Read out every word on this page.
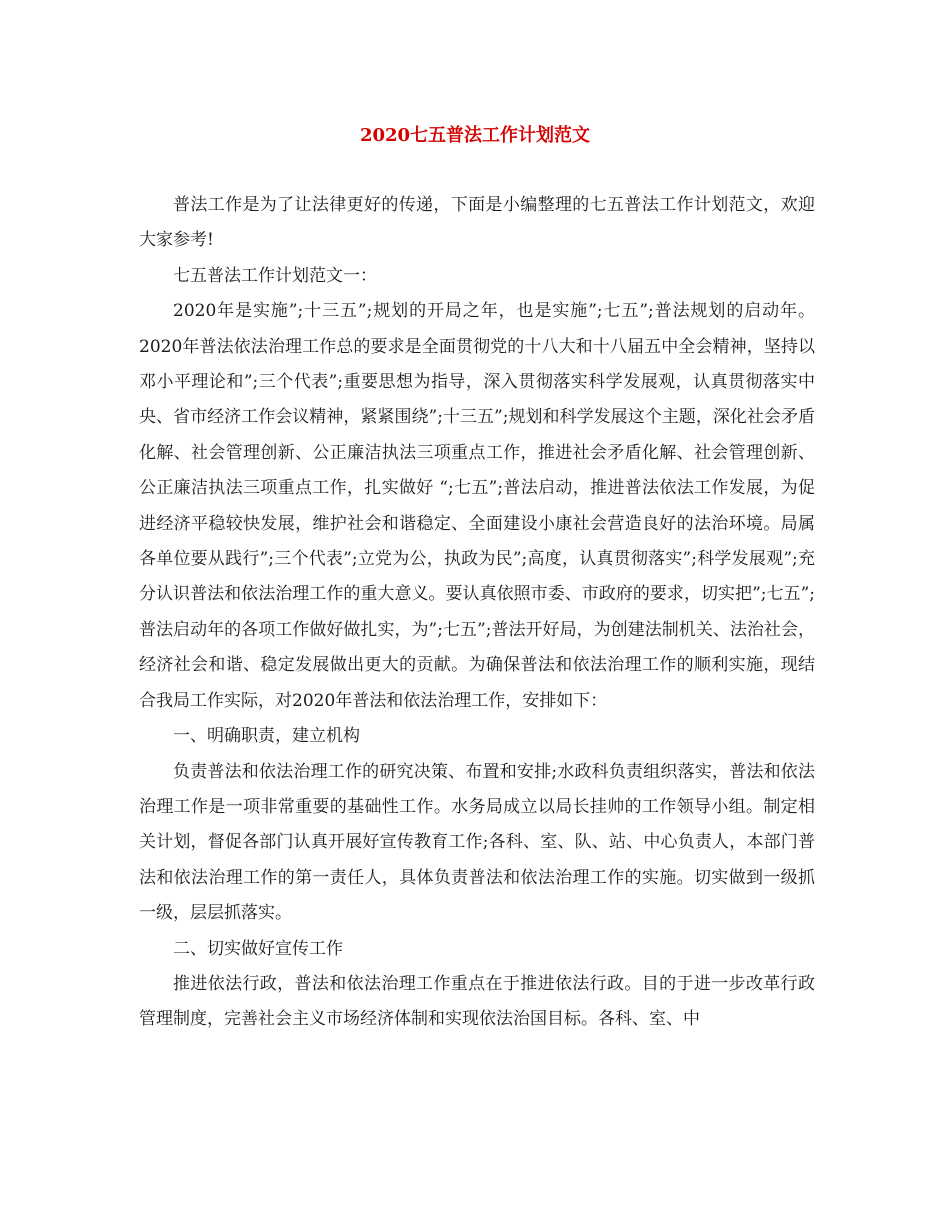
2020七五普法工作计划范文

普法工作是为了让法律更好的传递，下面是小编整理的七五普法工作计划范文，欢迎大家参考!

七五普法工作计划范文一：

2020年是实施”;十三五”;规划的开局之年，也是实施”;七五”;普法规划的启动年。2020年普法依法治理工作总的要求是全面贯彻党的十八大和十八届五中全会精神，坚持以邓小平理论和”;三个代表”;重要思想为指导，深入贯彻落实科学发展观，认真贯彻落实中央、省市经济工作会议精神，紧紧围绕”;十三五”;规划和科学发展这个主题，深化社会矛盾化解、社会管理创新、公正廉洁执法三项重点工作，推进社会矛盾化解、社会管理创新、公正廉洁执法三项重点工作，扎实做好 “;七五”;普法启动，推进普法依法工作发展，为促进经济平稳较快发展，维护社会和谐稳定、全面建设小康社会营造良好的法治环境。局属各单位要从践行”;三个代表”;立党为公，执政为民”;高度，认真贯彻落实”;科学发展观”;充分认识普法和依法治理工作的重大意义。要认真依照市委、市政府的要求，切实把”;七五”;普法启动年的各项工作做好做扎实，为”;七五”;普法开好局，为创建法制机关、法治社会，经济社会和谐、稳定发展做出更大的贡献。为确保普法和依法治理工作的顺利实施，现结合我局工作实际，对2020年普法和依法治理工作，安排如下：

一、明确职责，建立机构

负责普法和依法治理工作的研究决策、布置和安排;水政科负责组织落实，普法和依法治理工作是一项非常重要的基础性工作。水务局成立以局长挂帅的工作领导小组。制定相关计划，督促各部门认真开展好宣传教育工作;各科、室、队、站、中心负责人，本部门普法和依法治理工作的第一责任人，具体负责普法和依法治理工作的实施。切实做到一级抓一级，层层抓落实。

二、切实做好宣传工作

推进依法行政，普法和依法治理工作重点在于推进依法行政。目的于进一步改革行政管理制度，完善社会主义市场经济体制和实现依法治国目标。各科、室、中
